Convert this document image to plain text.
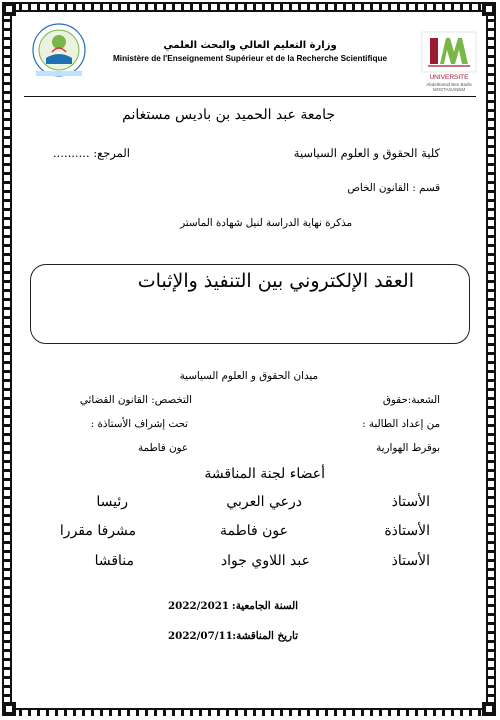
وزارة التعليم العالي والبحث العلمي
Ministère de l'Enseignement Supérieur et de la Recherche Scientifique
UNIVERSITE
Abdelhamid Ben Badis MOSTAGANEM
جامعة عبد الحميد بن باديس مستغانم
كلية الحقوق و العلوم السياسية
المرجع: ..........
قسم : القانون الخاص
مذكرة نهاية الدراسة لنيل شهادة الماستر
العقد الإلكتروني بين التنفيذ والإثبات
ميدان الحقوق و العلوم السياسية
الشعبة:حقوق
التخصص: القانون القضائي
من إعداد الطالبة :
تحت إشراف الأستاذة :
بوقرط الهوارية
عون فاطمة
أعضاء لجنة المناقشة
الأستاذ
درعي العربي
رئيسا
الأستاذة
عون فاطمة
مشرفا مقررا
الأستاذ
عبد اللاوي جواد
مناقشا
السنة الجامعية:
2022/2021
تاريخ المناقشة:
2022/07/11
